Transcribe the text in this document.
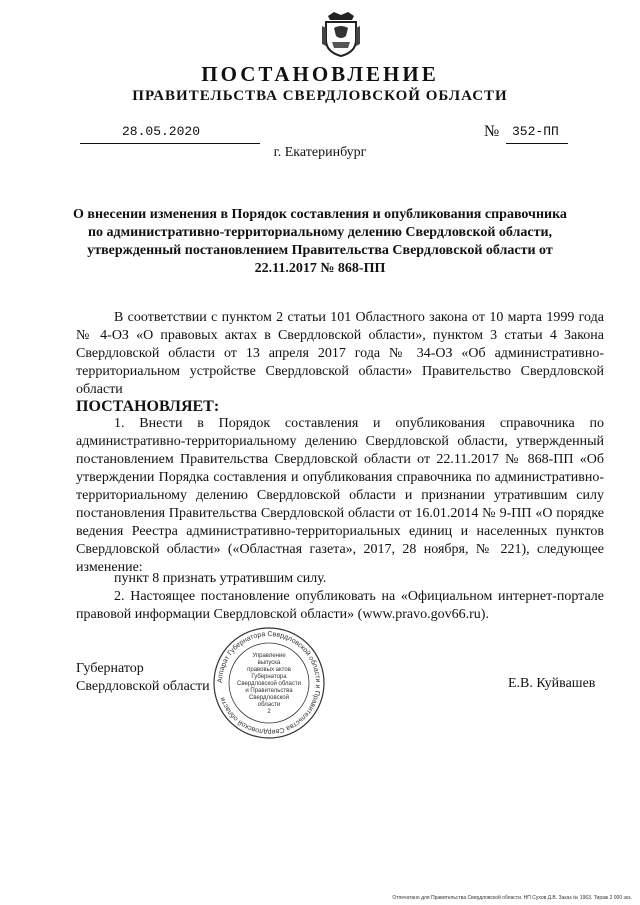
ПОСТАНОВЛЕНИЕ
ПРАВИТЕЛЬСТВА СВЕРДЛОВСКОЙ ОБЛАСТИ
28.05.2020	№ 352-ПП
г. Екатеринбург
О внесении изменения в Порядок составления и опубликования справочника по административно-территориальному делению Свердловской области, утвержденный постановлением Правительства Свердловской области от 22.11.2017 № 868-ПП
В соответствии с пунктом 2 статьи 101 Областного закона от 10 марта 1999 года № 4-ОЗ «О правовых актах в Свердловской области», пунктом 3 статьи 4 Закона Свердловской области от 13 апреля 2017 года № 34-ОЗ «Об административно-территориальном устройстве Свердловской области» Правительство Свердловской области
ПОСТАНОВЛЯЕТ:
1. Внести в Порядок составления и опубликования справочника по административно-территориальному делению Свердловской области, утвержденный постановлением Правительства Свердловской области от 22.11.2017 № 868-ПП «Об утверждении Порядка составления и опубликования справочника по административно-территориальному делению Свердловской области и признании утратившим силу постановления Правительства Свердловской области от 16.01.2014 № 9-ПП «О порядке ведения Реестра административно-территориальных единиц и населенных пунктов Свердловской области» («Областная газета», 2017, 28 ноября, № 221), следующее изменение:
пункт 8 признать утратившим силу.
2. Настоящее постановление опубликовать на «Официальном интернет-портале правовой информации Свердловской области» (www.pravo.gov66.ru).
Губернатор
Свердловской области	Е.В. Куйвашев
Аппарат Губернатора Свердловской области и Правительства Свердловской области
Управление
выпуска
правовых актов
Губернатора
Свердловской области
и Правительства
Свердловской
области
2
Отпечатано для Правительства Свердловской области. НП Сухов Д.В. Заказ № 1963. Тираж 2 000 экз.
